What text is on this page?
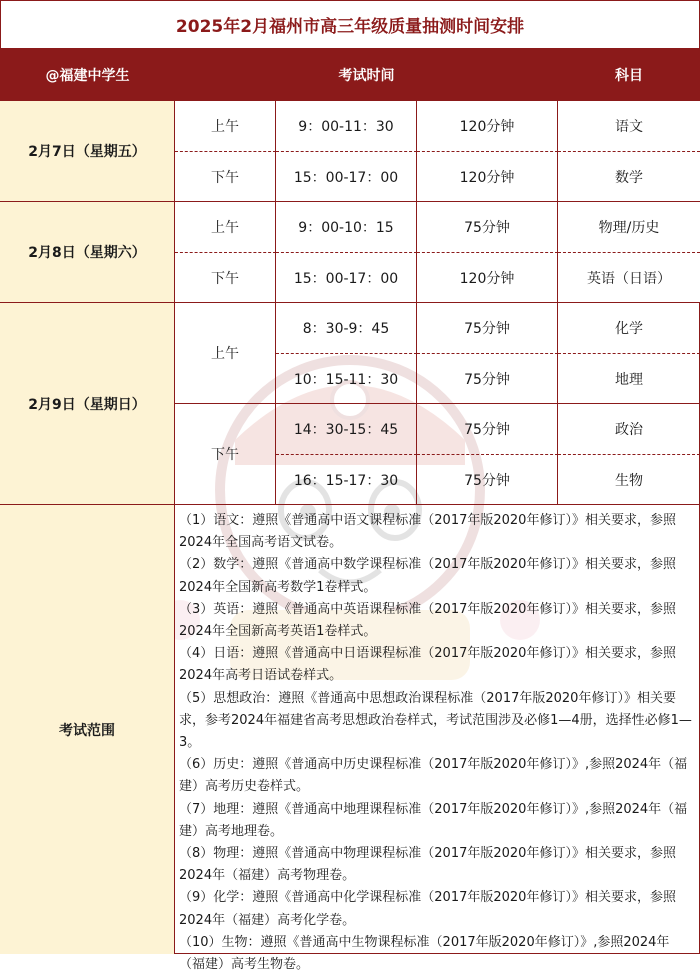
2025年2月福州市高三年级质量抽测时间安排
@福建中学生	考试时间	科目
2月7日（星期五）
上午	9：00-11：30	120分钟	语文
下午	15：00-17：00	120分钟	数学
2月8日（星期六）
上午	9：00-10：15	75分钟	物理/历史
下午	15：00-17：00	120分钟	英语（日语）
2月9日（星期日）
上午
8：30-9：45	75分钟	化学
10：15-11：30	75分钟	地理
下午
14：30-15：45	75分钟	政治
16：15-17：30	75分钟	生物
考试范围

（1）语文：遵照《普通高中语文课程标准（2017年版2020年修订）》相关要求，参照2024年全国高考语文试卷。

（2）数学：遵照《普通高中数学课程标准（2017年版2020年修订）》相关要求，参照2024年全国新高考数学1卷样式。

（3）英语：遵照《普通高中英语课程标准（2017年版2020年修订）》相关要求，参照2024年全国新高考英语1卷样式。

（4）日语：遵照《普通高中日语课程标准（2017年版2020年修订）》相关要求，参照2024年高考日语试卷样式。

（5）思想政治：遵照《普通高中思想政治课程标准（2017年版2020年修订）》相关要求，参考2024年福建省高考思想政治卷样式，考试范围涉及必修1—4册，选择性必修1—3。

（6）历史：遵照《普通高中历史课程标准（2017年版2020年修订）》,参照2024年（福建）高考历史卷样式。

（7）地理：遵照《普通高中地理课程标准（2017年版2020年修订）》,参照2024年（福建）高考地理卷。

（8）物理：遵照《普通高中物理课程标准（2017年版2020年修订）》相关要求，参照2024年（福建）高考物理卷。

（9）化学：遵照《普通高中化学课程标准（2017年版2020年修订）》相关要求，参照2024年（福建）高考化学卷。

（10）生物：遵照《普通高中生物课程标准（2017年版2020年修订）》,参照2024年（福建）高考生物卷。
